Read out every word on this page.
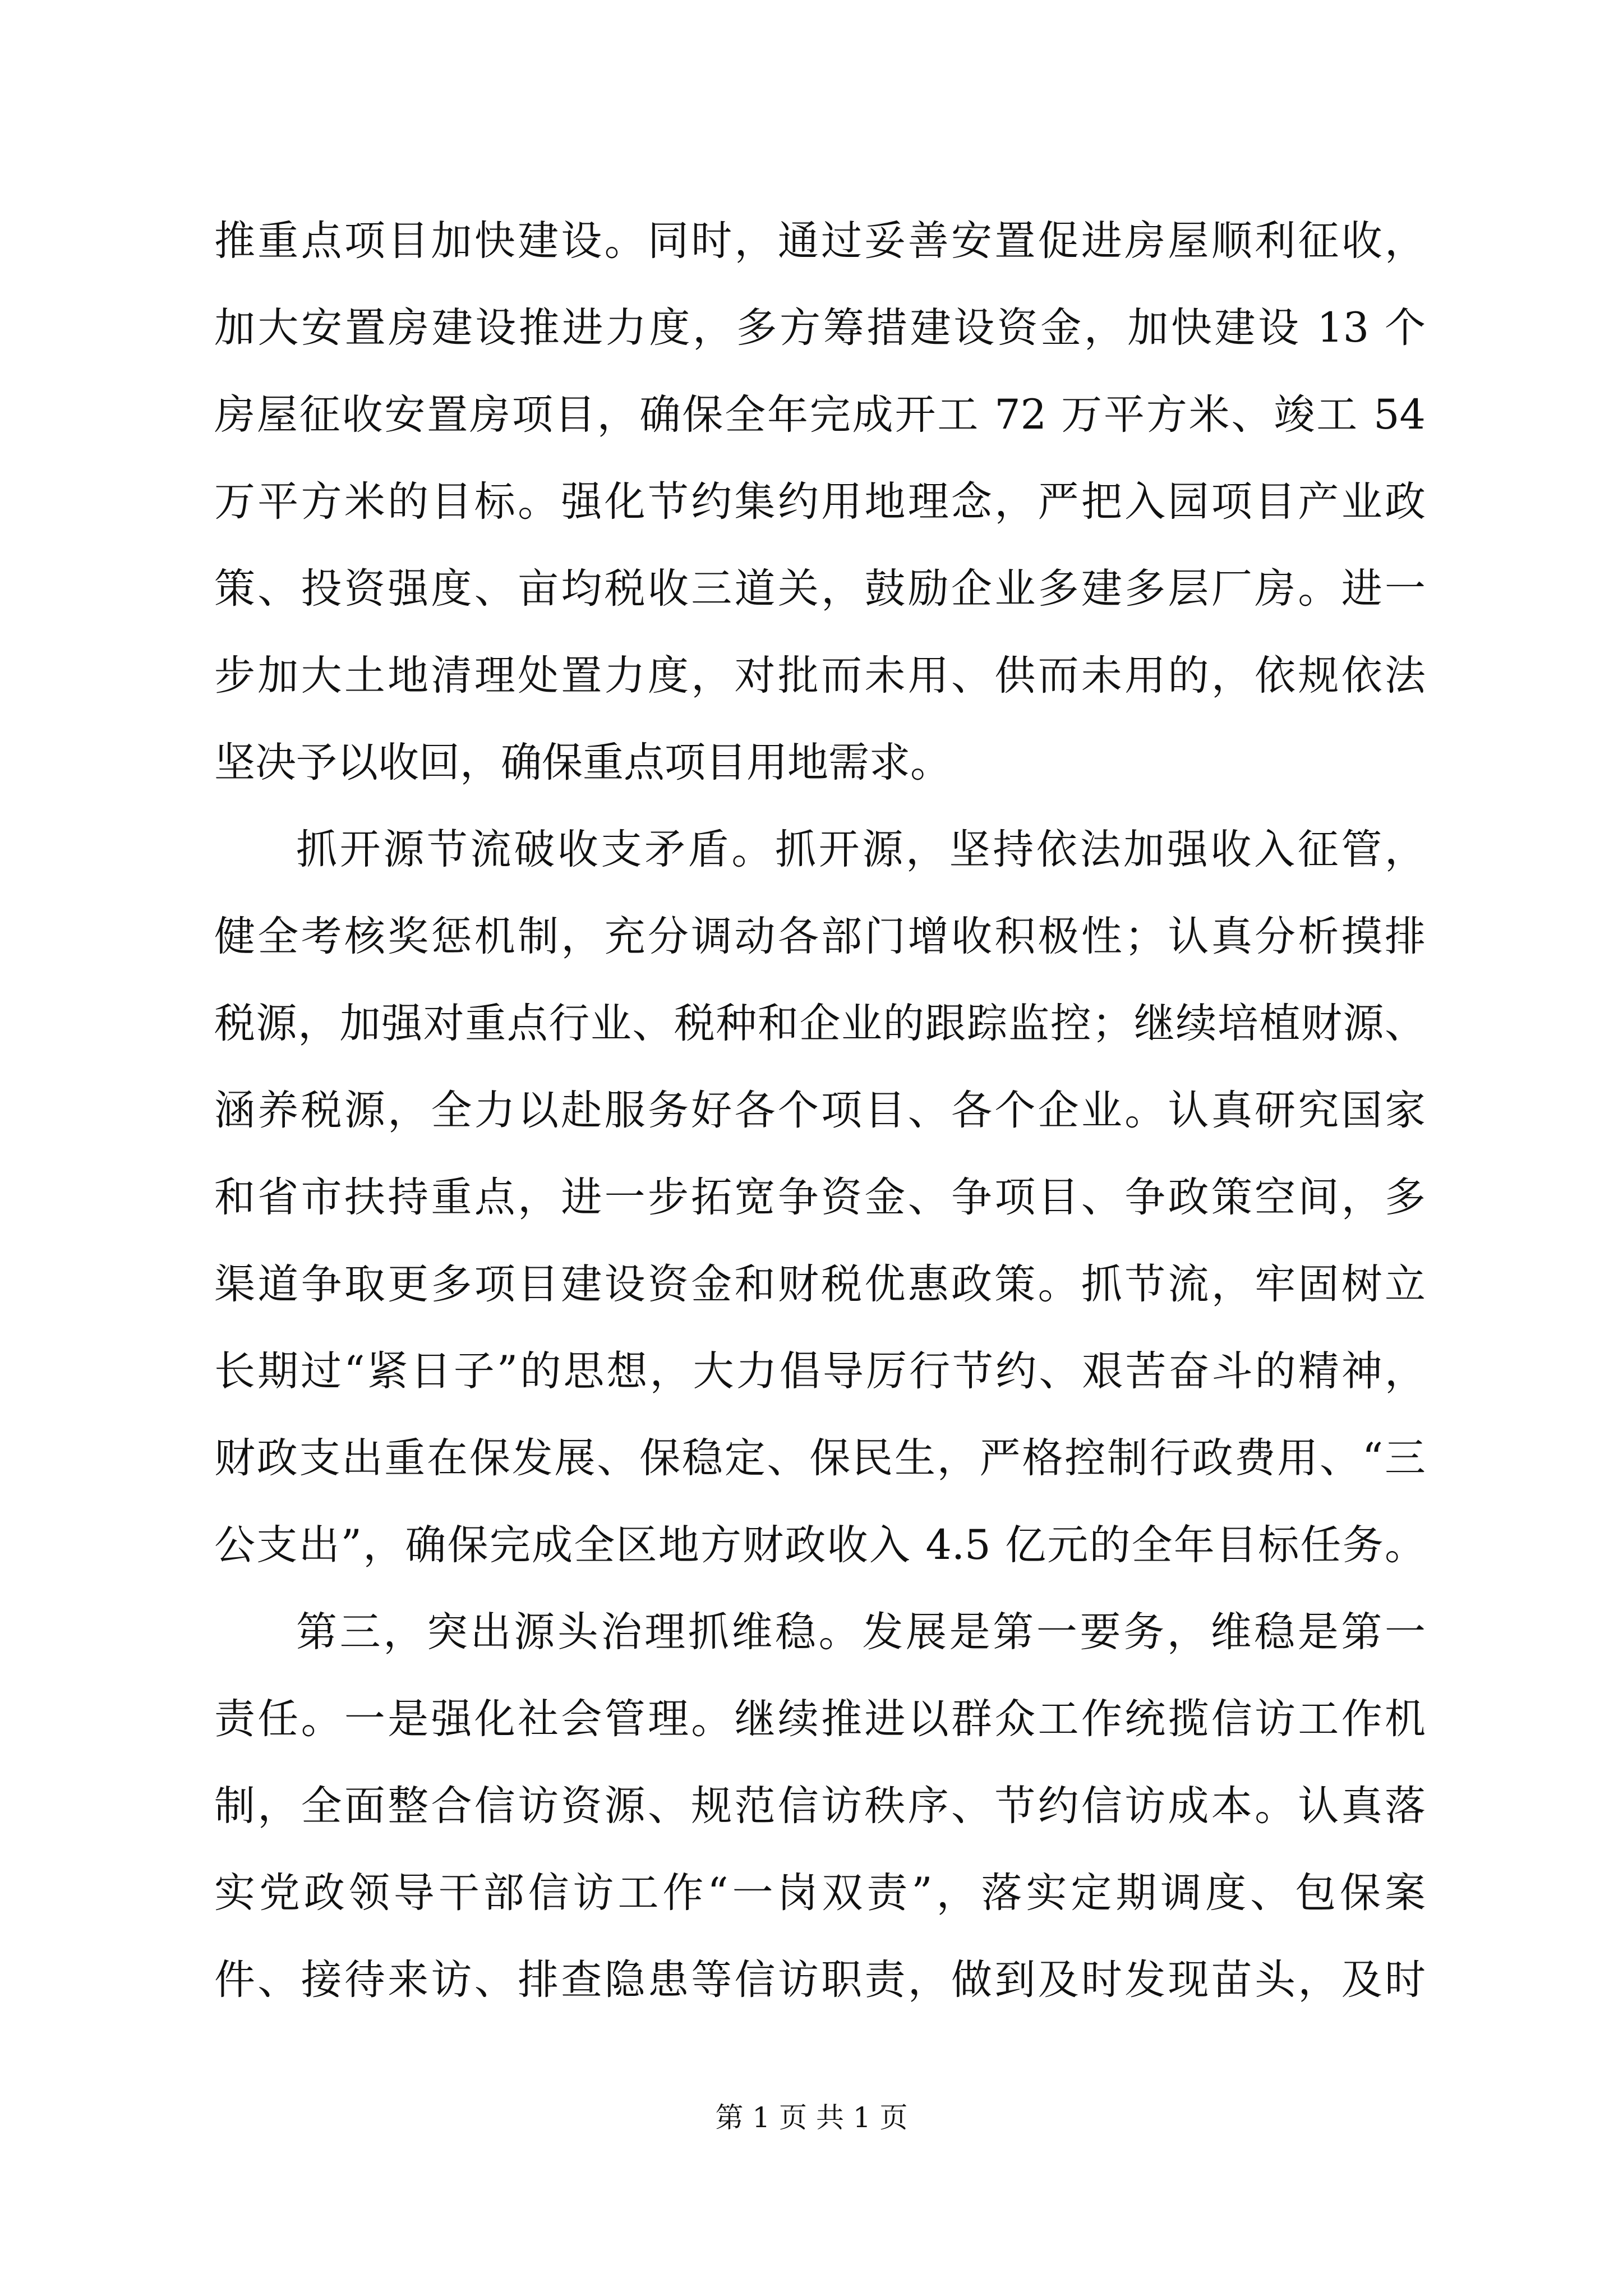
推重点项目加快建设。同时，通过妥善安置促进房屋顺利征收，
加大安置房建设推进力度，多方筹措建设资金，加快建设 13 个
房屋征收安置房项目，确保全年完成开工 72 万平方米、竣工 54
万平方米的目标。强化节约集约用地理念，严把入园项目产业政
策、投资强度、亩均税收三道关，鼓励企业多建多层厂房。进一
步加大土地清理处置力度，对批而未用、供而未用的，依规依法
坚决予以收回，确保重点项目用地需求。
抓开源节流破收支矛盾。抓开源，坚持依法加强收入征管，
健全考核奖惩机制，充分调动各部门增收积极性；认真分析摸排
税源，加强对重点行业、税种和企业的跟踪监控；继续培植财源、
涵养税源，全力以赴服务好各个项目、各个企业。认真研究国家
和省市扶持重点，进一步拓宽争资金、争项目、争政策空间，多
渠道争取更多项目建设资金和财税优惠政策。抓节流，牢固树立
长期过“紧日子”的思想，大力倡导厉行节约、艰苦奋斗的精神，
财政支出重在保发展、保稳定、保民生，严格控制行政费用、“三
公支出”，确保完成全区地方财政收入 4.5 亿元的全年目标任务。
第三，突出源头治理抓维稳。发展是第一要务，维稳是第一
责任。一是强化社会管理。继续推进以群众工作统揽信访工作机
制，全面整合信访资源、规范信访秩序、节约信访成本。认真落
实党政领导干部信访工作“一岗双责”，落实定期调度、包保案
件、接待来访、排查隐患等信访职责，做到及时发现苗头，及时
第 1 页 共 1 页
